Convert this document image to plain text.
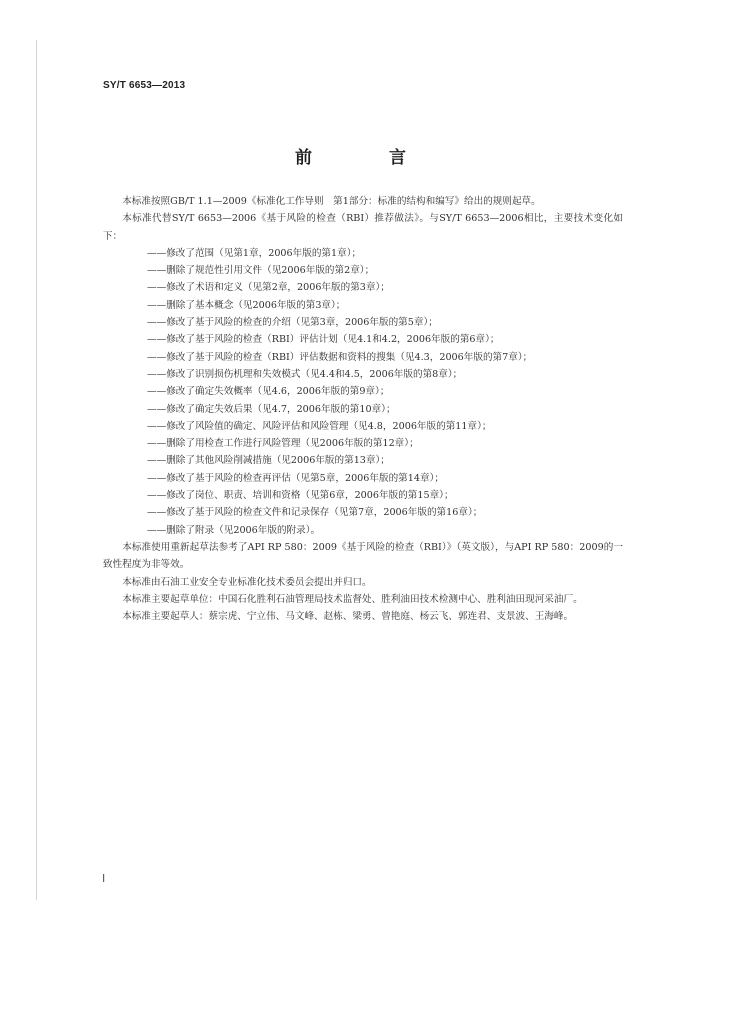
SY/T 6653—2013
前　言

本标准按照GB/T 1.1—2009《标准化工作导则　第1部分：标准的结构和编写》给出的规则起草。

本标准代替SY/T 6653—2006《基于风险的检查（RBI）推荐做法》。与SY/T 6653—2006相比，主要技术变化如下：

——修改了范围（见第1章，2006年版的第1章）；
——删除了规范性引用文件（见2006年版的第2章）；
——修改了术语和定义（见第2章，2006年版的第3章）；
——删除了基本概念（见2006年版的第3章）；
——修改了基于风险的检查的介绍（见第3章，2006年版的第5章）；
——修改了基于风险的检查（RBI）评估计划（见4.1和4.2，2006年版的第6章）；
——修改了基于风险的检查（RBI）评估数据和资料的搜集（见4.3，2006年版的第7章）；
——修改了识别损伤机理和失效模式（见4.4和4.5，2006年版的第8章）；
——修改了确定失效概率（见4.6，2006年版的第9章）；
——修改了确定失效后果（见4.7，2006年版的第10章）；
——修改了风险值的确定、风险评估和风险管理（见4.8，2006年版的第11章）；
——删除了用检查工作进行风险管理（见2006年版的第12章）；
——删除了其他风险削减措施（见2006年版的第13章）；
——修改了基于风险的检查再评估（见第5章，2006年版的第14章）；
——修改了岗位、职责、培训和资格（见第6章，2006年版的第15章）；
——修改了基于风险的检查文件和记录保存（见第7章，2006年版的第16章）；
——删除了附录（见2006年版的附录）。

本标准使用重新起草法参考了API RP 580：2009《基于风险的检查（RBI）》（英文版），与API RP 580：2009的一致性程度为非等效。

本标准由石油工业安全专业标准化技术委员会提出并归口。

本标准主要起草单位：中国石化胜利石油管理局技术监督处、胜利油田技术检测中心、胜利油田现河采油厂。

本标准主要起草人：蔡宗虎、宁立伟、马文峰、赵栋、梁勇、曾艳庭、杨云飞、郭连君、支景波、王海峰。

I
